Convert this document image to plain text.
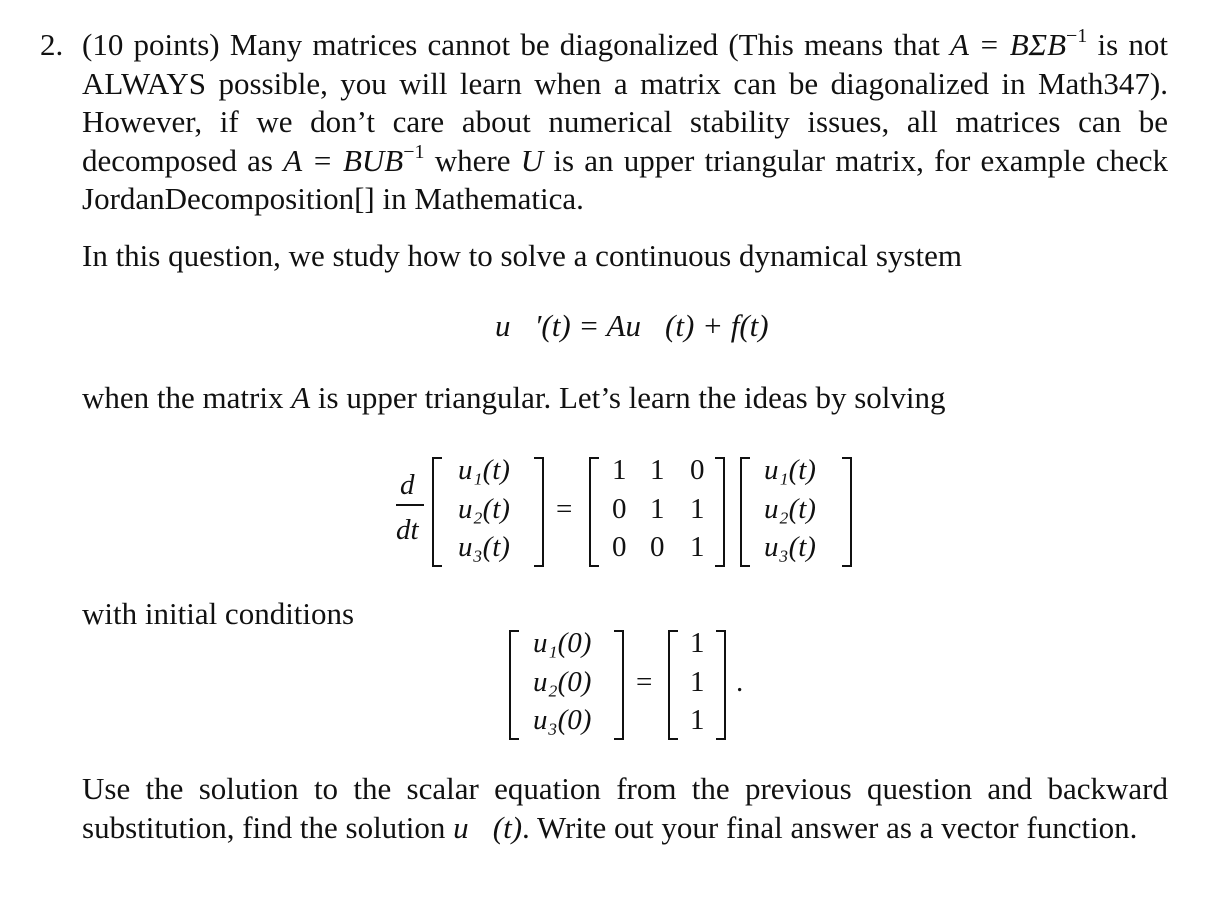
2. (10 points) Many matrices cannot be diagonalized (This means that $A = B\Sigma B^{-1}$ is not ALWAYS possible, you will learn when a matrix can be diagonalized in Math347). However, if we don’t care about numerical stability issues, all matrices can be decomposed as $A = BUB^{-1}$ where U is an upper triangular matrix, for example check JordanDecomposition[] in Mathematica.

In this question, we study how to solve a continuous dynamical system
u⃗′(t) = Au⃗(t) + f(t)
when the matrix A is upper triangular. Let’s learn the ideas by solving
d
dt
u₁(t)
u₂(t)
u₃(t)
=
1 1 0
0 1 1
0 0 1
u₁(t)
u₂(t)
u₃(t)
with initial conditions
u₁(0)
u₂(0)
u₃(0)
=
1
1
1
.
Use the solution to the scalar equation from the previous question and backward substitution, find the solution u⃗(t). Write out your final answer as a vector function.
